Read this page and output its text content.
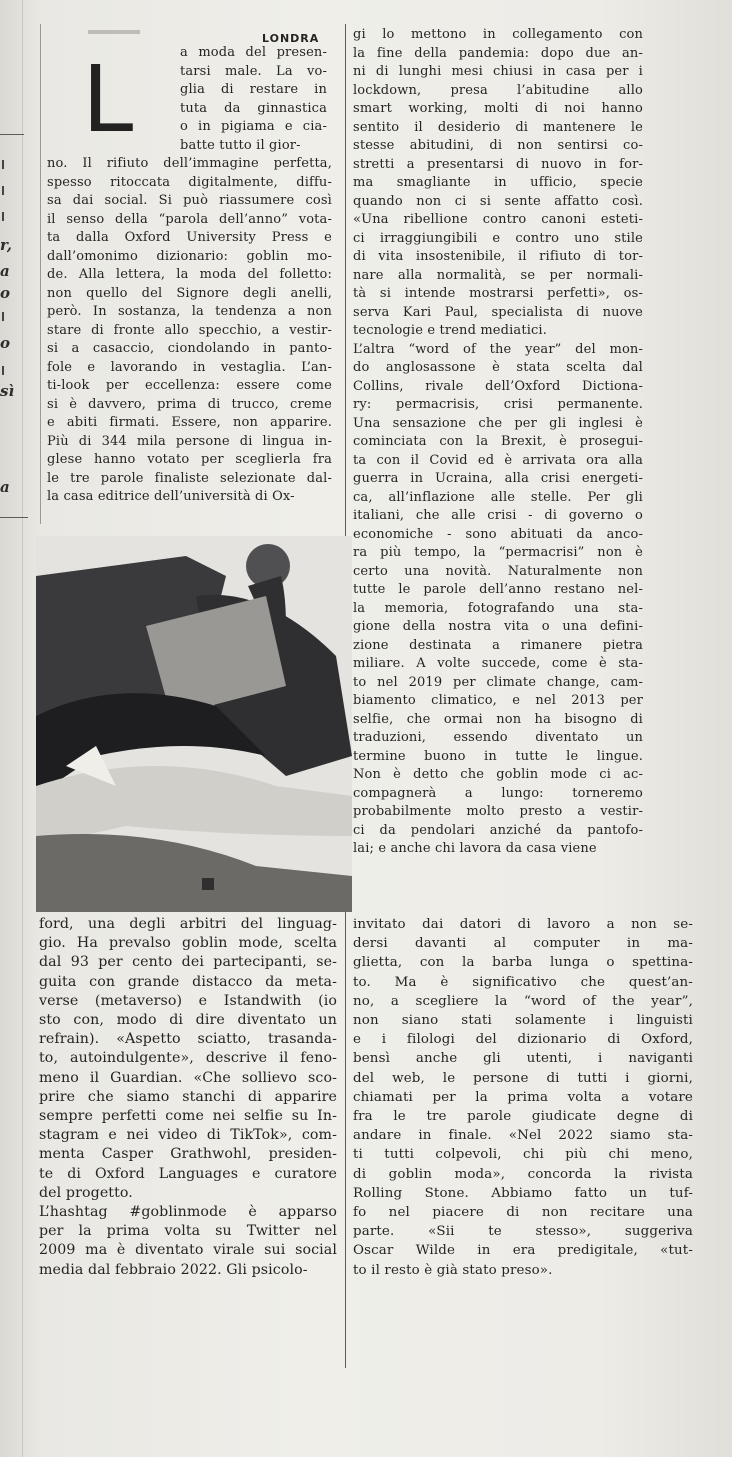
r,
a
o
o
sì
a
LONDRA
L	a moda del presen-

tarsi male. La vo-

glia di restare in

tuta da ginnastica

o in pigiama e cia-

batte tutto il gior-

no. Il rifiuto dell’immagine perfetta,

spesso ritoccata digitalmente, diffu-

sa dai social. Si può riassumere così

il senso della “parola dell’anno” vota-

ta dalla Oxford University Press e

dall’omonimo dizionario: goblin mo-

de. Alla lettera, la moda del folletto:

non quello del Signore degli anelli,

però. In sostanza, la tendenza a non

stare di fronte allo specchio, a vestir-

si a casaccio, ciondolando in panto-

fole e lavorando in vestaglia. L’an-

ti-look per eccellenza: essere come

si è davvero, prima di trucco, creme

e abiti firmati. Essere, non apparire.

Più di 344 mila persone di lingua in-

glese hanno votato per sceglierla fra

le tre parole finaliste selezionate dal-

la casa editrice dell’università di Ox-

gi lo mettono in collegamento con

la fine della pandemia: dopo due an-

ni di lunghi mesi chiusi in casa per i

lockdown, presa l’abitudine allo

smart working, molti di noi hanno

sentito il desiderio di mantenere le

stesse abitudini, di non sentirsi co-

stretti a presentarsi di nuovo in for-

ma smagliante in ufficio, specie

quando non ci si sente affatto così.

«Una ribellione contro canoni esteti-

ci irraggiungibili e contro uno stile

di vita insostenibile, il rifiuto di tor-

nare alla normalità, se per normali-

tà si intende mostrarsi perfetti», os-

serva Kari Paul, specialista di nuove

tecnologie e trend mediatici.

L’altra “word of the year” del mon-

do anglosassone è stata scelta dal

Collins, rivale dell’Oxford Dictiona-

ry: permacrisis, crisi permanente.

Una sensazione che per gli inglesi è

cominciata con la Brexit, è prosegui-

ta con il Covid ed è arrivata ora alla

guerra in Ucraina, alla crisi energeti-

ca, all’inflazione alle stelle. Per gli

italiani, che alle crisi - di governo o

economiche - sono abituati da anco-

ra più tempo, la “permacrisi” non è

certo una novità. Naturalmente non

tutte le parole dell’anno restano nel-

la memoria, fotografando una sta-

gione della nostra vita o una defini-

zione destinata a rimanere pietra

miliare. A volte succede, come è sta-

to nel 2019 per climate change, cam-

biamento climatico, e nel 2013 per

selfie, che ormai non ha bisogno di

traduzioni, essendo diventato un

termine buono in tutte le lingue.

Non è detto che goblin mode ci ac-

compagnerà a lungo: torneremo

probabilmente molto presto a vestir-

ci da pendolari anziché da pantofo-

lai; e anche chi lavora da casa viene

ford, una degli arbitri del linguag-

gio. Ha prevalso goblin mode, scelta

dal 93 per cento dei partecipanti, se-

guita con grande distacco da meta-

verse (metaverso) e Istandwith (io

sto con, modo di dire diventato un

refrain). «Aspetto sciatto, trasanda-

to, autoindulgente», descrive il feno-

meno il Guardian. «Che sollievo sco-

prire che siamo stanchi di apparire

sempre perfetti come nei selfie su In-

stagram e nei video di TikTok», com-

menta Casper Grathwohl, presiden-

te di Oxford Languages e curatore

del progetto.

L’hashtag #goblinmode è apparso

per la prima volta su Twitter nel

2009 ma è diventato virale sui social

media dal febbraio 2022. Gli psicolo-

invitato dai datori di lavoro a non se-

dersi davanti al computer in ma-

glietta, con la barba lunga o spettina-

to. Ma è significativo che quest’an-

no, a scegliere la “word of the year”,

non siano stati solamente i linguisti

e i filologi del dizionario di Oxford,

bensì anche gli utenti, i naviganti

del web, le persone di tutti i giorni,

chiamati per la prima volta a votare

fra le tre parole giudicate degne di

andare in finale. «Nel 2022 siamo sta-

ti tutti colpevoli, chi più chi meno,

di goblin moda», concorda la rivista

Rolling Stone. Abbiamo fatto un tuf-

fo nel piacere di non recitare una

parte. «Sii te stesso», suggeriva

Oscar Wilde in era predigitale, «tut-

to il resto è già stato preso».
